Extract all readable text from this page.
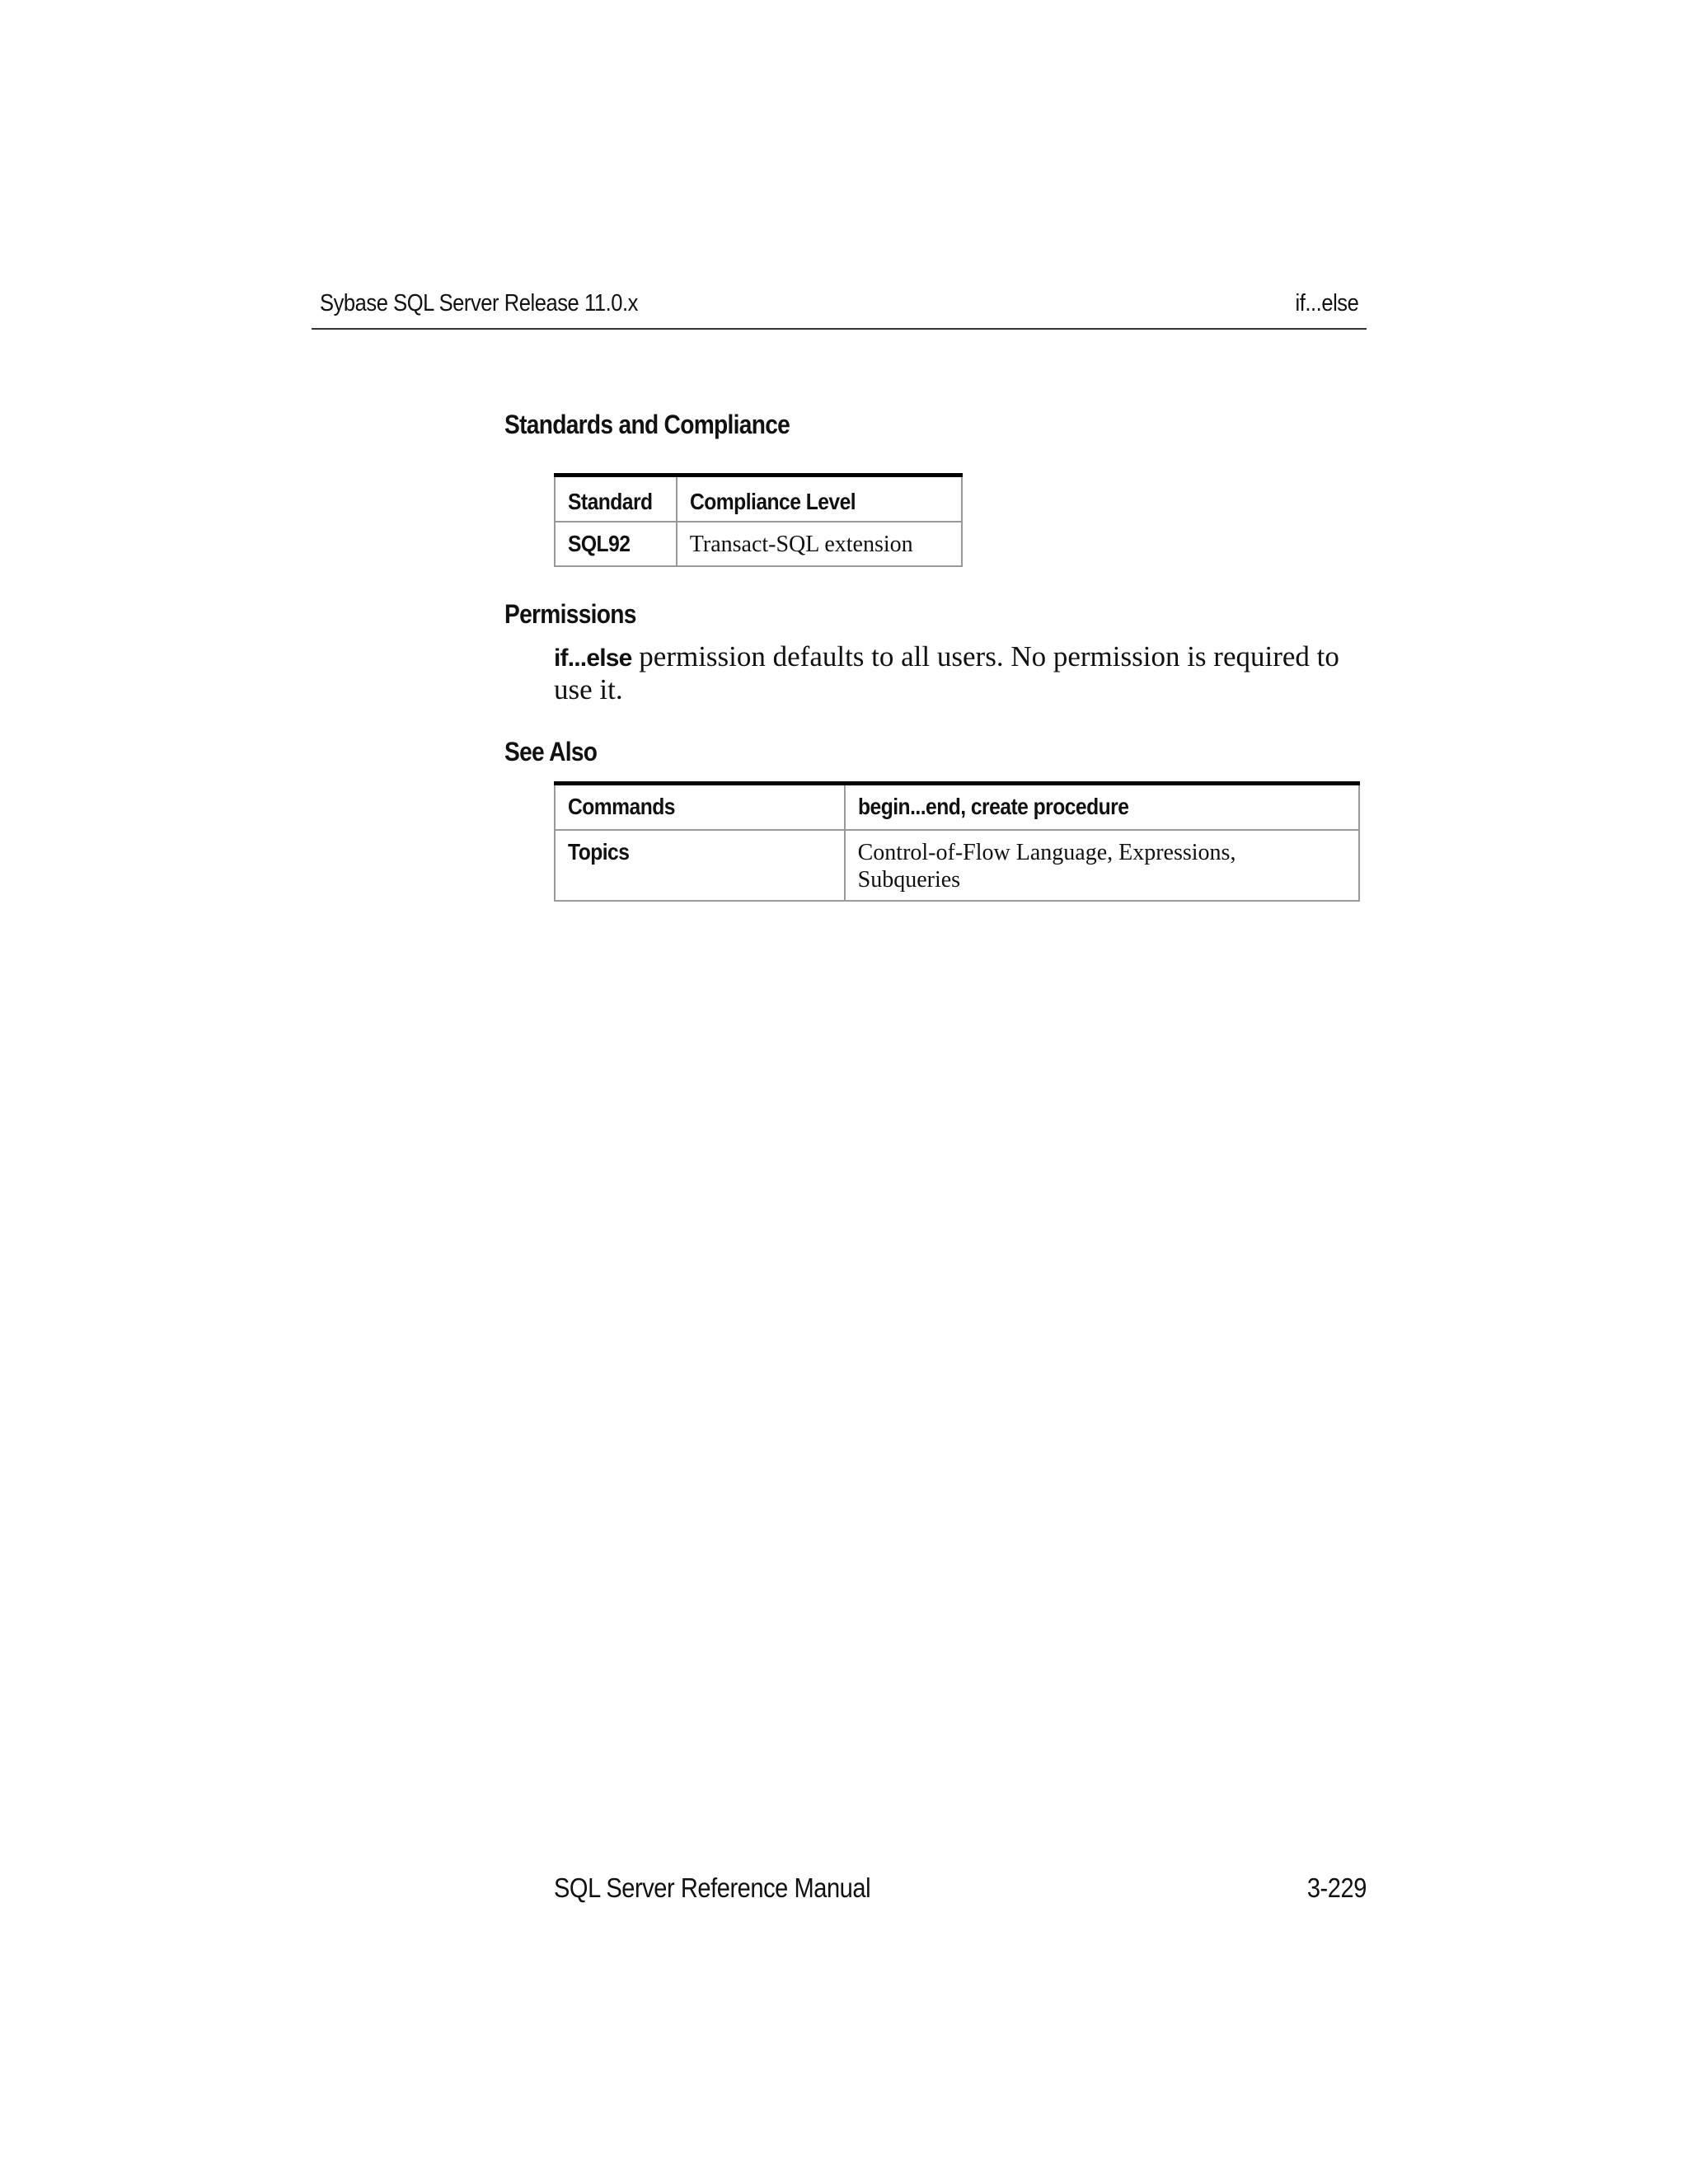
Sybase SQL Server Release 11.0.x	if...else
Standards and Compliance
Standard	Compliance Level
SQL92	Transact-SQL extension
Permissions
if...else permission defaults to all users. No permission is required to use it.
See Also
Commands	begin...end, create procedure
Topics	Control-of-Flow Language, Expressions, Subqueries
SQL Server Reference Manual	3-229
